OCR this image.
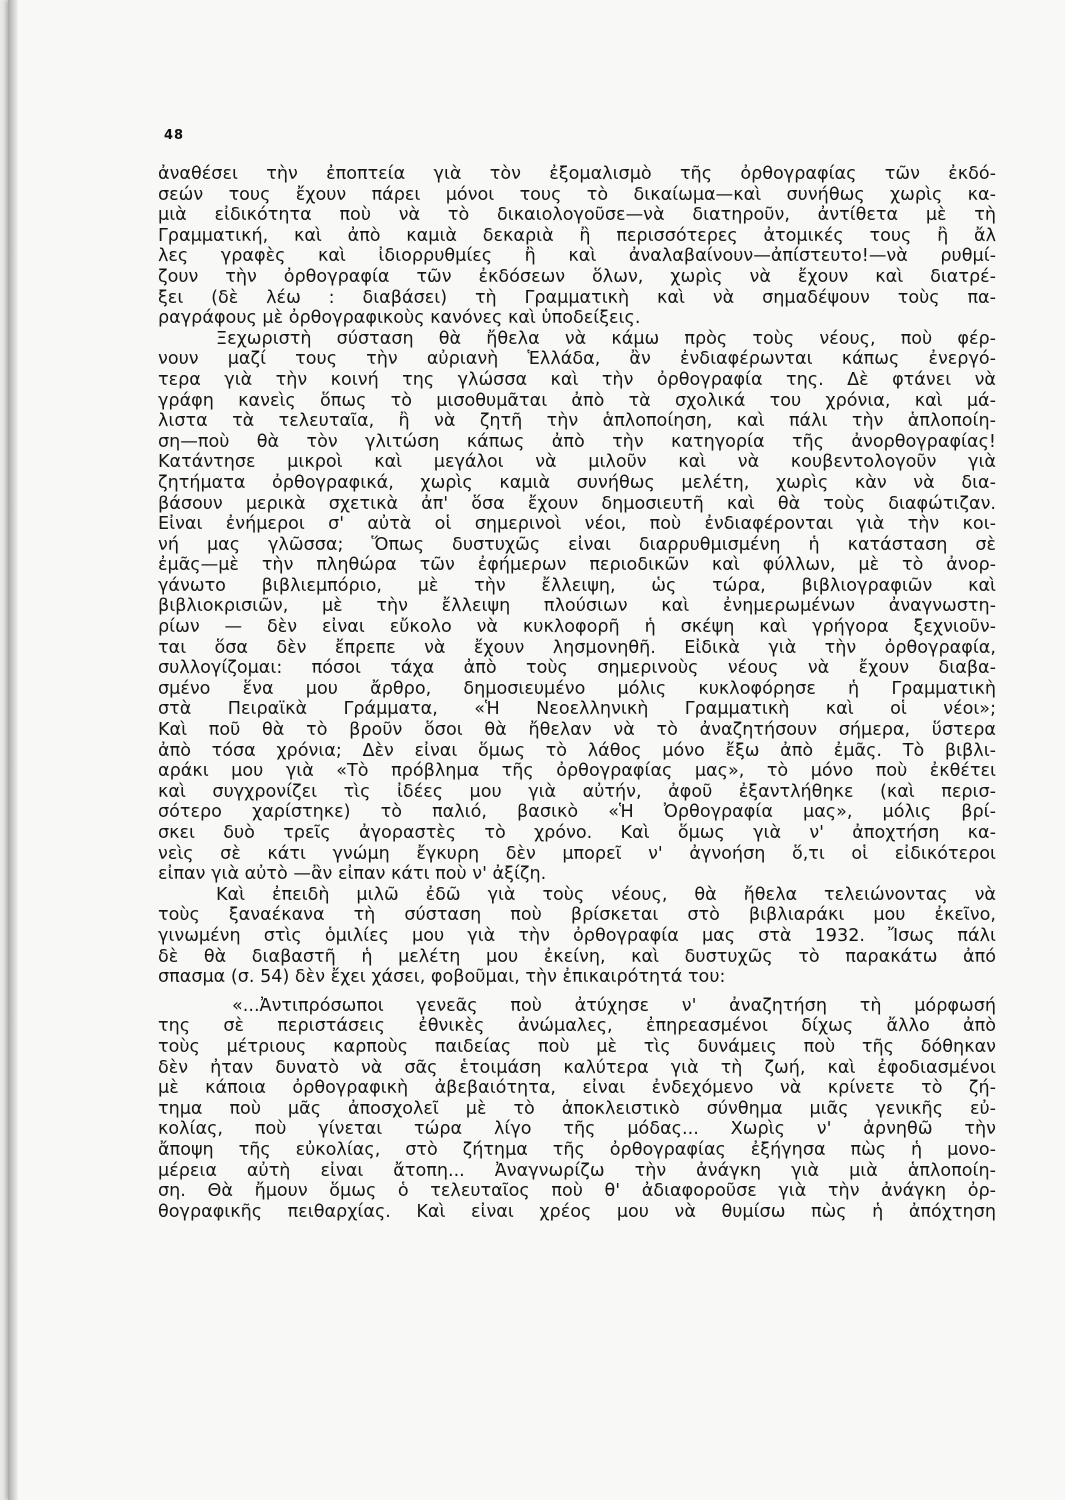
48
ἀναθέσει τὴν ἐποπτεία γιὰ τὸν ἐξομαλισμὸ τῆς ὀρθογραφίας τῶν ἐκδό-
σεών τους ἔχουν πάρει μόνοι τους τὸ δικαίωμα—καὶ συνήθως χωρὶς κα-
μιὰ εἰδικότητα ποὺ νὰ τὸ δικαιολογοῦσε—νὰ διατηροῦν, ἀντίθετα μὲ τὴ
Γραμματική, καὶ ἀπὸ καμιὰ δεκαριὰ ἢ περισσότερες ἀτομικές τους ἢ ἄλ
λες γραφὲς καὶ ἰδιορρυθμίες ἢ καὶ ἀναλαβαίνουν—ἀπίστευτο!—νὰ ρυθμί-
ζουν τὴν ὀρθογραφία τῶν ἐκδόσεων ὅλων, χωρὶς νὰ ἔχουν καὶ διατρέ-
ξει (δὲ λέω : διαβάσει) τὴ Γραμματικὴ καὶ νὰ σημαδέψουν τοὺς πα-
ραγράφους μὲ ὀρθογραφικοὺς κανόνες καὶ ὑποδείξεις.
Ξεχωριστὴ σύσταση θὰ ἤθελα νὰ κάμω πρὸς τοὺς νέους, ποὺ φέρ-
νουν μαζί τους τὴν αὐριανὴ Ἑλλάδα, ἂν ἐνδιαφέρωνται κάπως ἐνεργό-
τερα γιὰ τὴν κοινή της γλώσσα καὶ τὴν ὀρθογραφία της. Δὲ φτάνει νὰ
γράφη κανεὶς ὅπως τὸ μισοθυμᾶται ἀπὸ τὰ σχολικά του χρόνια, καὶ μά-
λιστα τὰ τελευταῖα, ἢ νὰ ζητῆ τὴν ἁπλοποίηση, καὶ πάλι τὴν ἁπλοποίη-
ση—ποὺ θὰ τὸν γλιτώση κάπως ἀπὸ τὴν κατηγορία τῆς ἀνορθογραφίας!
Κατάντησε μικροὶ καὶ μεγάλοι νὰ μιλοῦν καὶ νὰ κουβεντολογοῦν γιὰ
ζητήματα ὀρθογραφικά, χωρὶς καμιὰ συνήθως μελέτη, χωρὶς κὰν νὰ δια-
βάσουν μερικὰ σχετικὰ ἀπ' ὅσα ἔχουν δημοσιευτῆ καὶ θὰ τοὺς διαφώτιζαν.
Εἶναι ἐνήμεροι σ' αὐτὰ οἱ σημερινοὶ νέοι, ποὺ ἐνδιαφέρονται γιὰ τὴν κοι-
νή μας γλῶσσα; Ὅπως δυστυχῶς εἶναι διαρρυθμισμένη ἡ κατάσταση σὲ
ἐμᾶς—μὲ τὴν πληθώρα τῶν ἐφήμερων περιοδικῶν καὶ φύλλων, μὲ τὸ ἀνορ-
γάνωτο βιβλιεμπόριο, μὲ τὴν ἔλλειψη, ὡς τώρα, βιβλιογραφιῶν καὶ
βιβλιοκρισιῶν, μὲ τὴν ἔλλειψη πλούσιων καὶ ἐνημερωμένων ἀναγνωστη-
ρίων — δὲν εἶναι εὔκολο νὰ κυκλοφορῆ ἡ σκέψη καὶ γρήγορα ξεχνιοῦν-
ται ὅσα δὲν ἔπρεπε νὰ ἔχουν λησμονηθῆ. Εἰδικὰ γιὰ τὴν ὀρθογραφία,
συλλογίζομαι: πόσοι τάχα ἀπὸ τοὺς σημερινοὺς νέους νὰ ἔχουν διαβα-
σμένο ἕνα μου ἄρθρο, δημοσιευμένο μόλις κυκλοφόρησε ἡ Γραμματικὴ
στὰ Πειραϊκὰ Γράμματα, «Ἡ Νεοελληνικὴ Γραμματικὴ καὶ οἱ νέοι»;
Καὶ ποῦ θὰ τὸ βροῦν ὅσοι θὰ ἤθελαν νὰ τὸ ἀναζητήσουν σήμερα, ὕστερα
ἀπὸ τόσα χρόνια; Δὲν εἶναι ὅμως τὸ λάθος μόνο ἔξω ἀπὸ ἐμᾶς. Τὸ βιβλι-
αράκι μου γιὰ «Τὸ πρόβλημα τῆς ὀρθογραφίας μας», τὸ μόνο ποὺ ἐκθέτει
καὶ συγχρονίζει τὶς ἰδέες μου γιὰ αὐτήν, ἀφοῦ ἐξαντλήθηκε (καὶ περισ-
σότερο χαρίστηκε) τὸ παλιό, βασικὸ «Ἡ Ὀρθογραφία μας», μόλις βρί-
σκει δυὸ τρεῖς ἀγοραστὲς τὸ χρόνο. Καὶ ὅμως γιὰ ν' ἀποχτήση κα-
νεὶς σὲ κάτι γνώμη ἔγκυρη δὲν μπορεῖ ν' ἀγνοήση ὅ,τι οἱ εἰδικότεροι
εἶπαν γιὰ αὐτὸ —ἂν εἶπαν κάτι ποὺ ν' ἀξίζη.
Καὶ ἐπειδὴ μιλῶ ἐδῶ γιὰ τοὺς νέους, θὰ ἤθελα τελειώνοντας νὰ
τοὺς ξαναέκανα τὴ σύσταση ποὺ βρίσκεται στὸ βιβλιαράκι μου ἐκεῖνο,
γινωμένη στὶς ὁμιλίες μου γιὰ τὴν ὀρθογραφία μας στὰ 1932. Ἴσως πάλι
δὲ θὰ διαβαστῆ ἡ μελέτη μου ἐκείνη, καὶ δυστυχῶς τὸ παρακάτω ἀπό
σπασμα (σ. 54) δὲν ἔχει χάσει, φοβοῦμαι, τὴν ἐπικαιρότητά του:
«...Ἀντιπρόσωποι γενεᾶς ποὺ ἀτύχησε ν' ἀναζητήση τὴ μόρφωσή
της σὲ περιστάσεις ἐθνικὲς ἀνώμαλες, ἐπηρεασμένοι δίχως ἄλλο ἀπὸ
τοὺς μέτριους καρποὺς παιδείας ποὺ μὲ τὶς δυνάμεις ποὺ τῆς δόθηκαν
δὲν ἦταν δυνατὸ νὰ σᾶς ἑτοιμάση καλύτερα γιὰ τὴ ζωή, καὶ ἐφοδιασμένοι
μὲ κάποια ὀρθογραφικὴ ἀβεβαιότητα, εἶναι ἐνδεχόμενο νὰ κρίνετε τὸ ζή-
τημα ποὺ μᾶς ἀποσχολεῖ μὲ τὸ ἀποκλειστικὸ σύνθημα μιᾶς γενικῆς εὐ-
κολίας, ποὺ γίνεται τώρα λίγο τῆς μόδας... Χωρὶς ν' ἀρνηθῶ τὴν
ἄποψη τῆς εὐκολίας, στὸ ζήτημα τῆς ὀρθογραφίας ἐξήγησα πὼς ἡ μονο-
μέρεια αὐτὴ εἶναι ἄτοπη... Ἀναγνωρίζω τὴν ἀνάγκη γιὰ μιὰ ἁπλοποίη-
ση. Θὰ ἤμουν ὅμως ὁ τελευταῖος ποὺ θ' ἀδιαφοροῦσε γιὰ τὴν ἀνάγκη ὀρ-
θογραφικῆς πειθαρχίας. Καὶ εἶναι χρέος μου νὰ θυμίσω πὼς ἡ ἀπόχτηση
